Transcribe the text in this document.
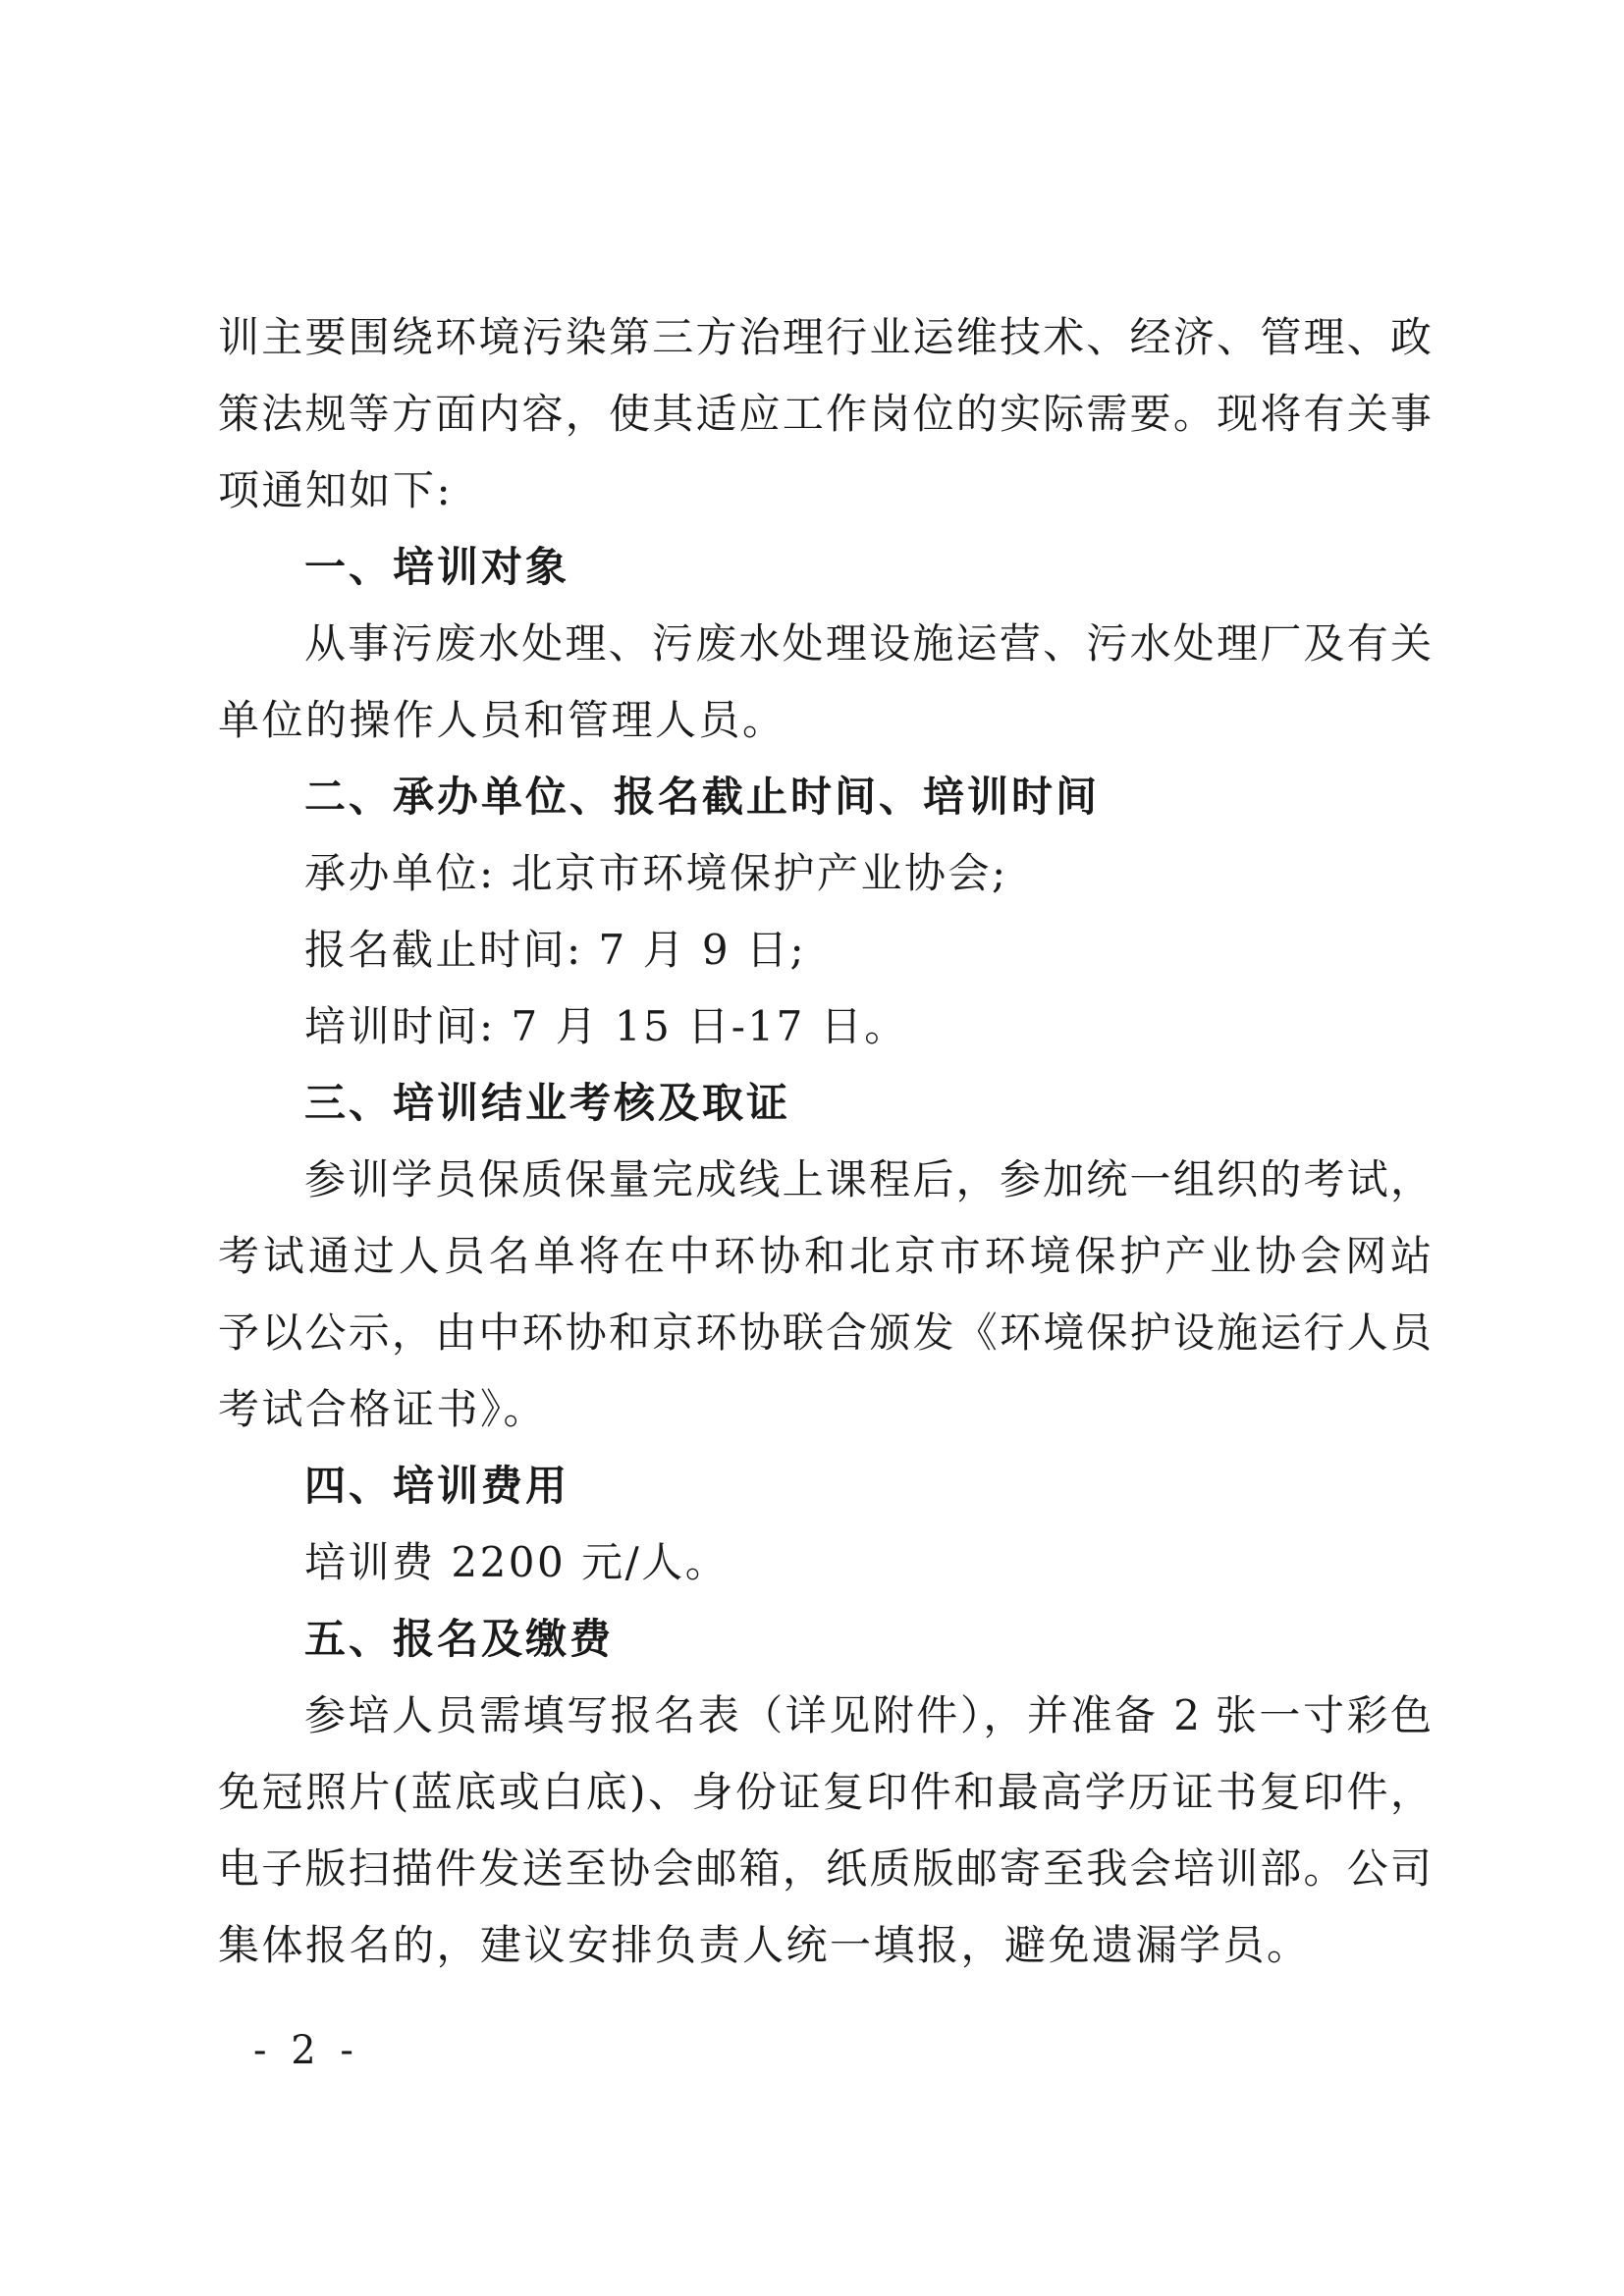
训主要围绕环境污染第三方治理行业运维技术、经济、管理、政
策法规等方面内容，使其适应工作岗位的实际需要。现将有关事
项通知如下:
一、培训对象
从事污废水处理、污废水处理设施运营、污水处理厂及有关
单位的操作人员和管理人员。
二、承办单位、报名截止时间、培训时间
承办单位: 北京市环境保护产业协会;
报名截止时间: 7 月 9 日;
培训时间: 7 月 15 日-17 日。
三、培训结业考核及取证
参训学员保质保量完成线上课程后，参加统一组织的考试，
考试通过人员名单将在中环协和北京市环境保护产业协会网站
予以公示，由中环协和京环协联合颁发《环境保护设施运行人员
考试合格证书》。
四、培训费用
培训费 2200 元/人。
五、报名及缴费
参培人员需填写报名表（详见附件），并准备 2 张一寸彩色
免冠照片(蓝底或白底)、身份证复印件和最高学历证书复印件，
电子版扫描件发送至协会邮箱，纸质版邮寄至我会培训部。公司
集体报名的，建议安排负责人统一填报，避免遗漏学员。
- 2 -
